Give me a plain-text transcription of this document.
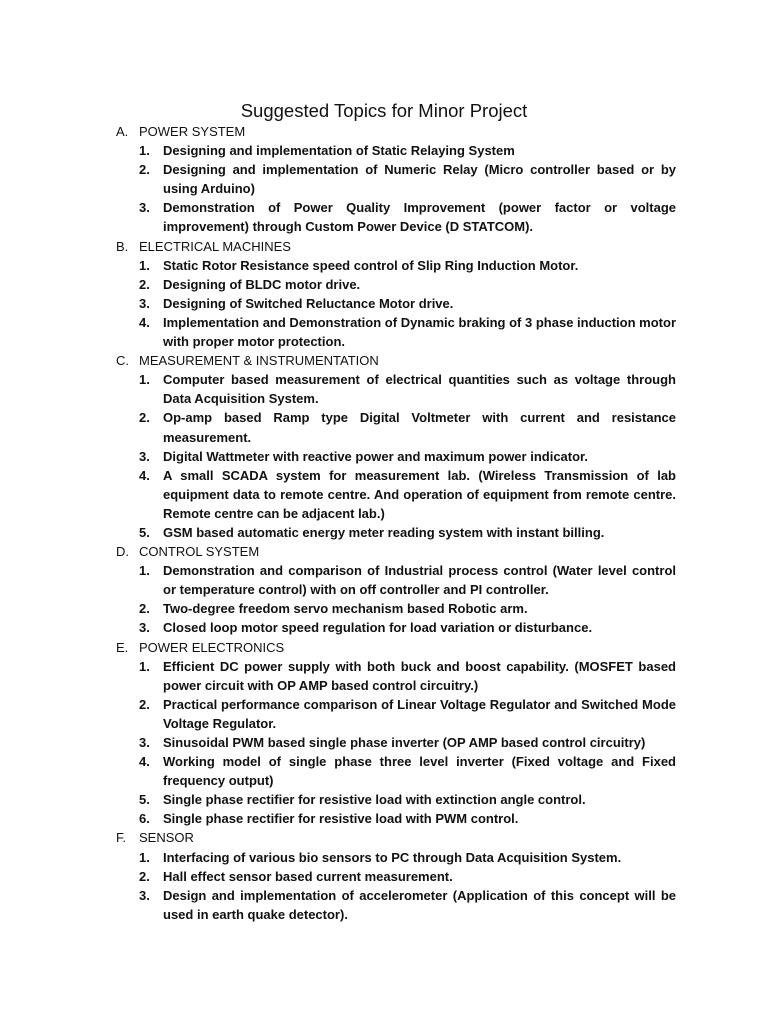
Suggested Topics for Minor Project
A. POWER SYSTEM
1. Designing and implementation of Static Relaying System
2. Designing and implementation of Numeric Relay (Micro controller based or by using Arduino)
3. Demonstration of Power Quality Improvement (power factor or voltage improvement) through Custom Power Device (D STATCOM).
B. ELECTRICAL MACHINES
1. Static Rotor Resistance speed control of Slip Ring Induction Motor.
2. Designing of BLDC motor drive.
3. Designing of Switched Reluctance Motor drive.
4. Implementation and Demonstration of Dynamic braking of 3 phase induction motor with proper motor protection.
C. MEASUREMENT & INSTRUMENTATION
1. Computer based measurement of electrical quantities such as voltage through Data Acquisition System.
2. Op-amp based Ramp type Digital Voltmeter with current and resistance measurement.
3. Digital Wattmeter with reactive power and maximum power indicator.
4. A small SCADA system for measurement lab. (Wireless Transmission of lab equipment data to remote centre. And operation of equipment from remote centre. Remote centre can be adjacent lab.)
5. GSM based automatic energy meter reading system with instant billing.
D. CONTROL SYSTEM
1. Demonstration and comparison of Industrial process control (Water level control or temperature control) with on off controller and PI controller.
2. Two-degree freedom servo mechanism based Robotic arm.
3. Closed loop motor speed regulation for load variation or disturbance.
E. POWER ELECTRONICS
1. Efficient DC power supply with both buck and boost capability. (MOSFET based power circuit with OP AMP based control circuitry.)
2. Practical performance comparison of Linear Voltage Regulator and Switched Mode Voltage Regulator.
3. Sinusoidal PWM based single phase inverter (OP AMP based control circuitry)
4. Working model of single phase three level inverter (Fixed voltage and Fixed frequency output)
5. Single phase rectifier for resistive load with extinction angle control.
6. Single phase rectifier for resistive load with PWM control.
F. SENSOR
1. Interfacing of various bio sensors to PC through Data Acquisition System.
2. Hall effect sensor based current measurement.
3. Design and implementation of accelerometer (Application of this concept will be used in earth quake detector).
